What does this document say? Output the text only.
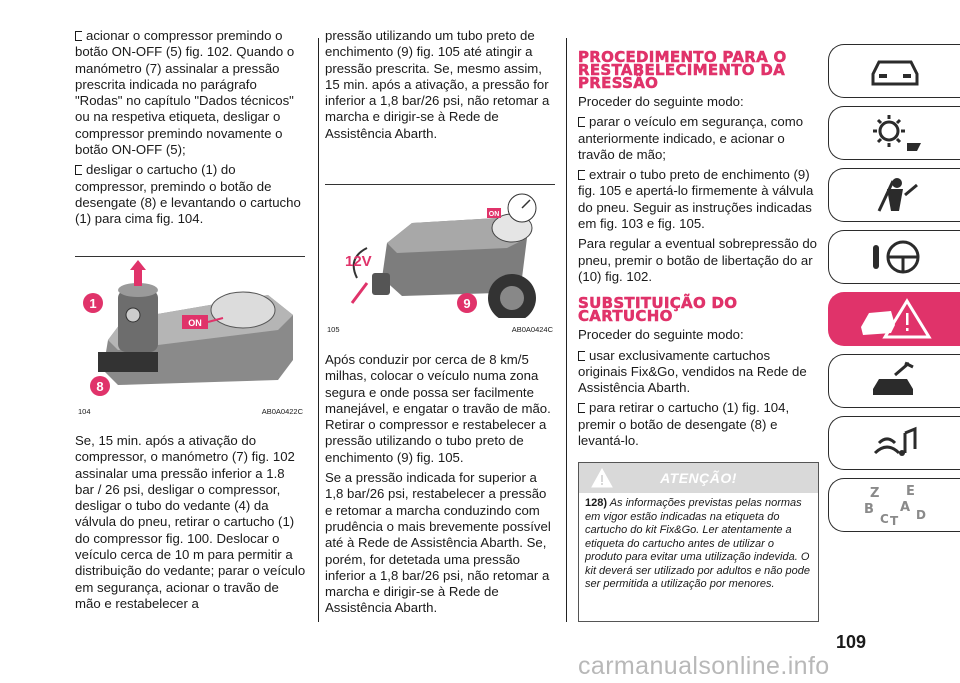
acionar o compressor premindo o botão ON-OFF (5) fig. 102. Quando o manómetro (7) assinalar a pressão prescrita indicada no parágrafo "Rodas" no capítulo "Dados técnicos" ou na respetiva etiqueta, desligar o compressor premindo novamente o botão ON-OFF (5);

desligar o cartucho (1) do compressor, premindo o botão de desengate (8) e levantando o cartucho (1) para cima fig. 104.

1
8
ON
104	AB0A0422C

Se, 15 min. após a ativação do compressor, o manómetro (7) fig. 102 assinalar uma pressão inferior a 1.8 bar / 26 psi, desligar o compressor, desligar o tubo do vedante (4) da válvula do pneu, retirar o cartucho (1) do compressor fig. 100. Deslocar o veículo cerca de 10 m para permitir a distribuição do vedante; parar o veículo em segurança, acionar o travão de mão e restabelecer a

pressão utilizando um tubo preto de enchimento (9) fig. 105 até atingir a pressão prescrita. Se, mesmo assim, 15 min. após a ativação, a pressão for inferior a 1,8 bar/26 psi, não retomar a marcha e dirigir-se à Rede de Assistência Abarth.

9
12V
ON
105	AB0A0424C

Após conduzir por cerca de 8 km/5 milhas, colocar o veículo numa zona segura e onde possa ser facilmente manejável, e engatar o travão de mão. Retirar o compressor e restabelecer a pressão utilizando o tubo preto de enchimento (9) fig. 105.

Se a pressão indicada for superior a 1,8 bar/26 psi, restabelecer a pressão e retomar a marcha conduzindo com prudência o mais brevemente possível até à Rede de Assistência Abarth. Se, porém, for detetada uma pressão inferior a 1,8 bar/26 psi, não retomar a marcha e dirigir-se à Rede de Assistência Abarth.

PROCEDIMENTO PARA O
RESTABELECIMENTO DA
PRESSÃO

Proceder do seguinte modo:

parar o veículo em segurança, como anteriormente indicado, e acionar o travão de mão;

extrair o tubo preto de enchimento (9) fig. 105 e apertá-lo firmemente à válvula do pneu. Seguir as instruções indicadas em fig. 103 e fig. 105.

Para regular a eventual sobrepressão do pneu, premir o botão de libertação do ar (10) fig. 102.

SUBSTITUIÇÃO DO
CARTUCHO

Proceder do seguinte modo:

usar exclusivamente cartuchos originais Fix&Go, vendidos na Rede de Assistência Abarth.

para retirar o cartucho (1) fig. 104, premir o botão de desengate (8) e levantá-lo.

ATENÇÃO!
128) As informações previstas pelas normas em vigor estão indicadas na etiqueta do cartucho do kit Fix&Go. Ler atentamente a etiqueta do cartucho antes de utilizar o produto para evitar uma utilização indevida. O kit deverá ser utilizado por adultos e não pode ser permitida a utilização por menores.
Z E
B A
C T D
109
carmanualsonline.info
